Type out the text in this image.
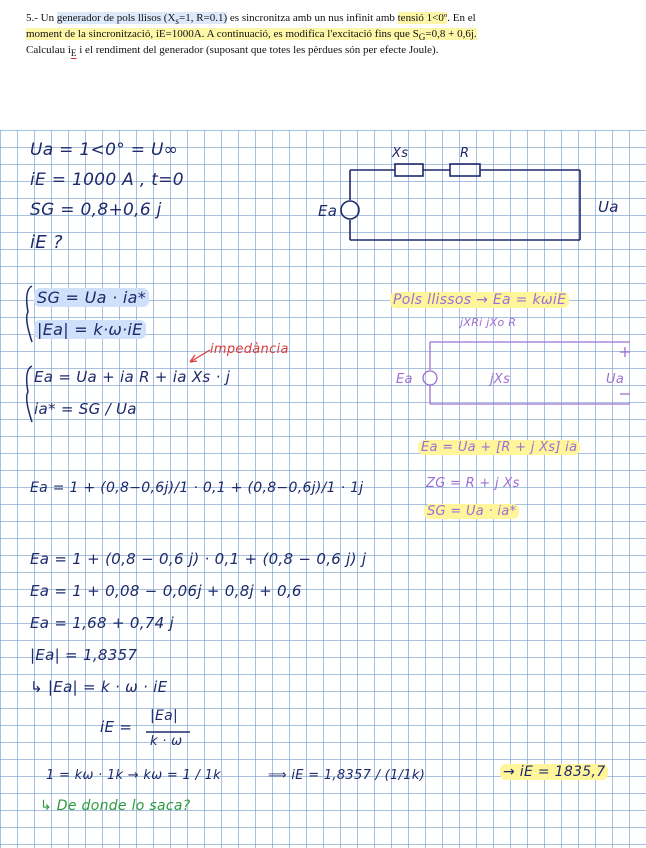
5.- Un generador de pols llisos ($X_s=1$, R=0.1) es sincronitza amb un nus infinit amb tensió 1<0º. En el
moment de la sincronització, iE=1000A. A continuació, es modifica l'excitació fins que $S_G=0,8 + 0,6j$.
Calculau $i_E$ i el rendiment del generador (suposant que totes les pèrdues són per efecte Joule).
Ua = 1<0° = U∞
iE = 1000 A , t=0
SG = 0,8+0,6 j
iE ?
Xs	R
Ea	Ua
SG = Ua · ia*
|Ea| = k·ω·iE
impedància
Ea = Ua + ia R + ia Xs · j
ia* = SG / Ua
Pols llissos → Ea = kωiE
jXRi jXo R
Ea	jXs	Ua
Ea = Ua + [R + j Xs] ia
ZG = R + j Xs
SG = Ua · ia*
Ea = 1 + (0,8−0,6j)/1 · 0,1 + (0,8−0,6j)/1 · 1j
Ea = 1 + (0,8 − 0,6 j) · 0,1 + (0,8 − 0,6 j) j
Ea = 1 + 0,08 − 0,06j + 0,8j + 0,6
Ea = 1,68 + 0,74 j
|Ea| = 1,8357
↳ |Ea| = k · ω · iE
iE =
|Ea|
k · ω
1 = kω · 1k → kω = 1 / 1k	⟹ iE = 1,8357 / (1/1k)	→ iE = 1835,7
↳ De donde lo saca?
